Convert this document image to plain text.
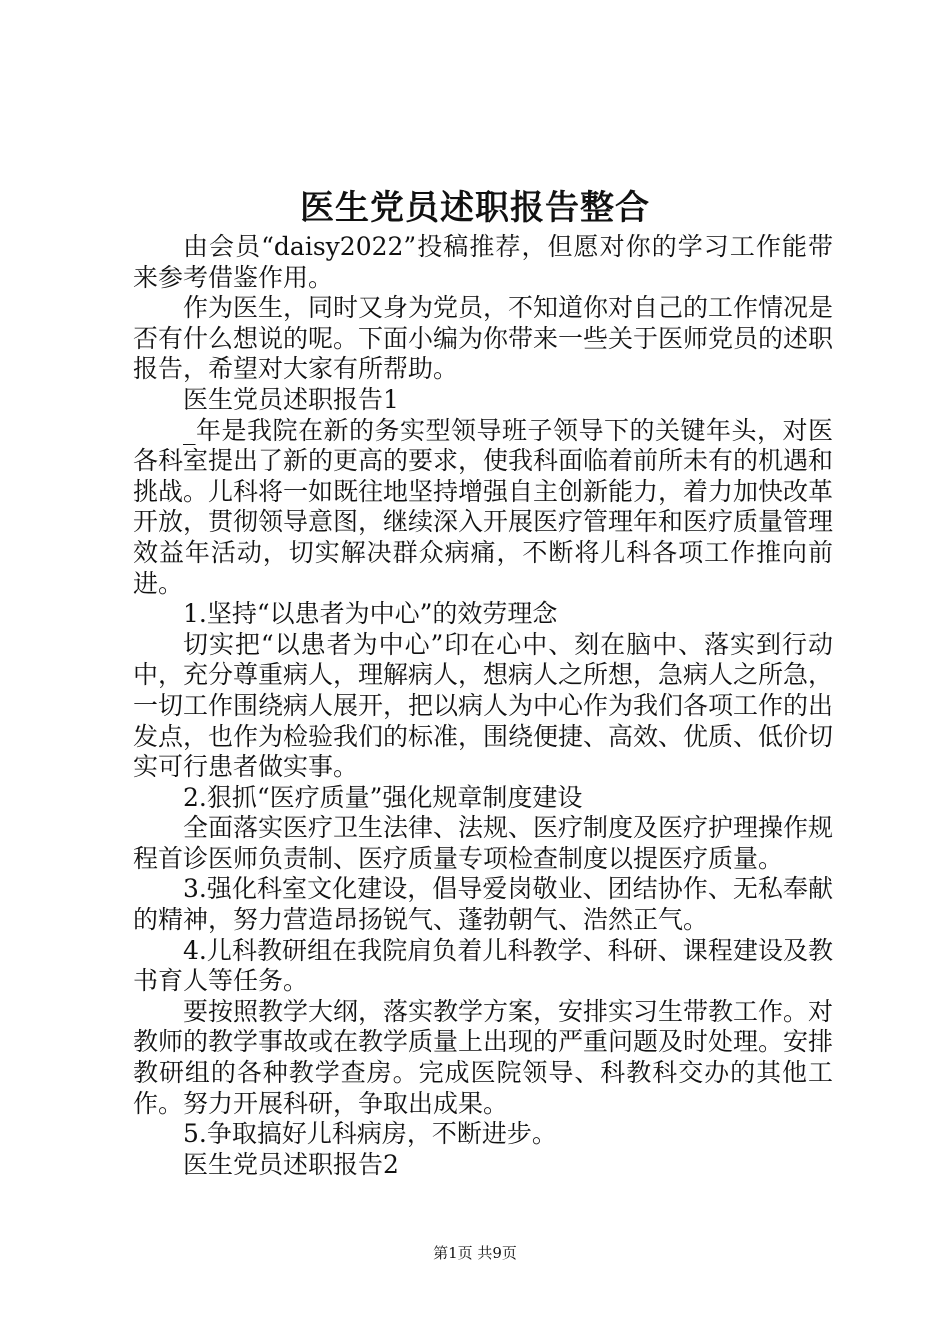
医生党员述职报告整合

由会员“daisy2022”投稿推荐，但愿对你的学习工作能带来参考借鉴作用。

作为医生，同时又身为党员，不知道你对自己的工作情况是否有什么想说的呢。下面小编为你带来一些关于医师党员的述职报告，希望对大家有所帮助。

医生党员述职报告1

_年是我院在新的务实型领导班子领导下的关键年头，对医各科室提出了新的更高的要求，使我科面临着前所未有的机遇和挑战。儿科将一如既往地坚持增强自主创新能力，着力加快改革开放，贯彻领导意图，继续深入开展医疗管理年和医疗质量管理效益年活动，切实解决群众病痛，不断将儿科各项工作推向前进。

1.坚持“以患者为中心”的效劳理念

切实把“以患者为中心”印在心中、刻在脑中、落实到行动中，充分尊重病人，理解病人，想病人之所想，急病人之所急，一切工作围绕病人展开，把以病人为中心作为我们各项工作的出发点，也作为检验我们的标准，围绕便捷、高效、优质、低价切实可行患者做实事。

2.狠抓“医疗质量”强化规章制度建设

全面落实医疗卫生法律、法规、医疗制度及医疗护理操作规程首诊医师负责制、医疗质量专项检查制度以提医疗质量。

3.强化科室文化建设，倡导爱岗敬业、团结协作、无私奉献的精神，努力营造昂扬锐气、蓬勃朝气、浩然正气。

4.儿科教研组在我院肩负着儿科教学、科研、课程建设及教书育人等任务。

要按照教学大纲，落实教学方案，安排实习生带教工作。对教师的教学事故或在教学质量上出现的严重问题及时处理。安排教研组的各种教学查房。完成医院领导、科教科交办的其他工作。努力开展科研，争取出成果。

5.争取搞好儿科病房，不断进步。

医生党员述职报告2

第1页 共9页
